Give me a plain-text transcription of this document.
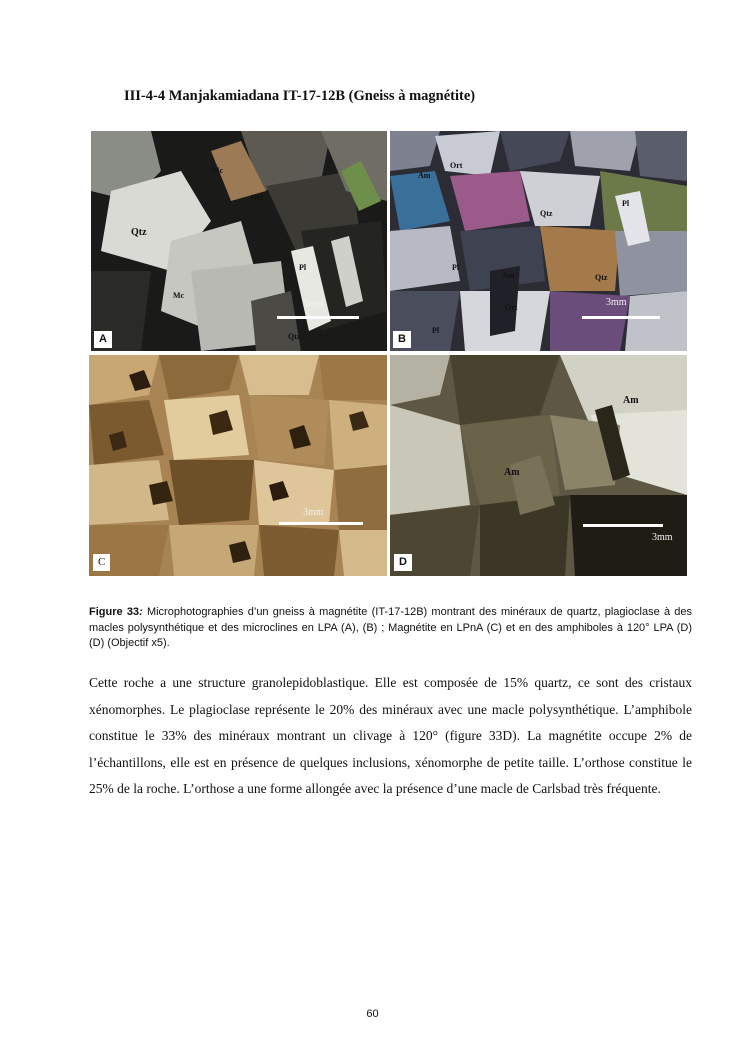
III-4-4 Manjakamiadana IT-17-12B (Gneiss à magnétite)
Mc
Ort
Qtz
Pl
Mc
Qtz
3mm
A
Ort
Am
Pl
Qtz
Pl
Am	Qtz
Ort
Pl
3mm
B
3mm
C
Am
Am
3mm
D
Figure 33: Microphotographies d’un gneiss à magnétite (IT-17-12B) montrant des minéraux de quartz, plagioclase à des macles polysynthétique et des microclines en LPA (A), (B) ; Magnétite en LPnA (C) et en des amphiboles à 120° LPA (D) (D) (Objectif x5).
Cette roche a une structure granolepidoblastique. Elle est composée de 15% quartz, ce sont des cristaux xénomorphes. Le plagioclase représente le 20% des minéraux avec une macle polysynthétique. L’amphibole constitue le 33% des minéraux montrant un clivage à 120° (figure 33D). La magnétite occupe 2% de l’échantillons, elle est en présence de quelques inclusions, xénomorphe de petite taille. L’orthose constitue le 25% de la roche. L’orthose a une forme allongée avec la présence d’une macle de Carlsbad très fréquente.
60
